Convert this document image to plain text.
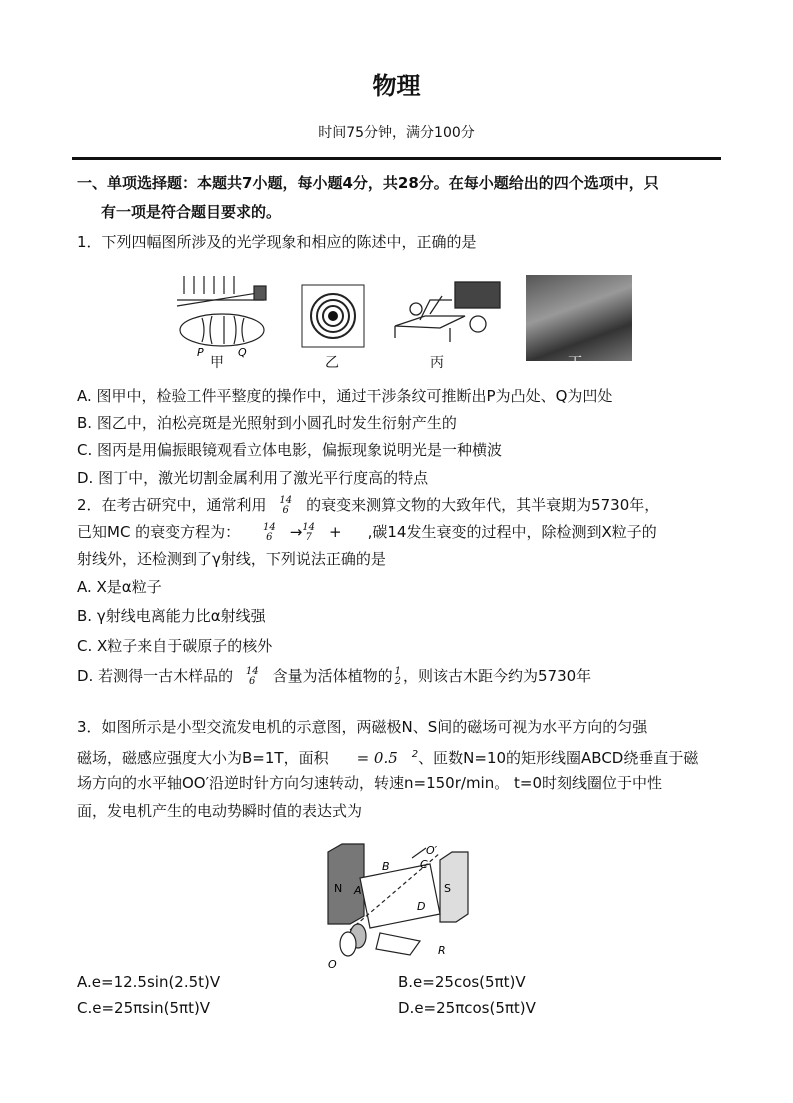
物理
时间75分钟，满分100分
一、单项选择题：本题共7小题，每小题4分，共28分。在每小题给出的四个选项中，只
有一项是符合题目要求的。
1．下列四幅图所涉及的光学现象和相应的陈述中，正确的是
P	Q
甲	乙	丙	丁
A. 图甲中，检验工件平整度的操作中，通过干涉条纹可推断出P为凸处、Q为凹处
B. 图乙中，泊松亮斑是光照射到小圆孔时发生衍射产生的
C. 图丙是用偏振眼镜观看立体电影，偏振现象说明光是一种横波
D. 图丁中，激光切割金属利用了激光平行度高的特点
2．在考古研究中，通常利用 14
6 的衰变来测算文物的大致年代，其半衰期为5730年，
已知MC 的衰变方程为： 14
6 →14
7 + ,碳14发生衰变的过程中，除检测到X粒子的
射线外，还检测到了γ射线，下列说法正确的是
A. X是α粒子
B. γ射线电离能力比α射线强
C. X粒子来自于碳原子的核外
D. 若测得一古木样品的 14
6 含量为活体植物的 1
2 ，则该古木距今约为5730年
3．如图所示是小型交流发电机的示意图，两磁极N、S间的磁场可视为水平方向的匀强
磁场，磁感应强度大小为B=1T，面积 = 0.5 $^2$、匝数N=10的矩形线圈ABCD绕垂直于磁
场方向的水平轴OO′沿逆时针方向匀速转动，转速n=150r/min。 t=0时刻线圈位于中性
面，发电机产生的电动势瞬时值的表达式为
N	S
A
B	C
D
O
O′
R
A.e=12.5sin(2.5t)V	B.e=25cos(5πt)V
C.e=25πsin(5πt)V	D.e=25πcos(5πt)V
